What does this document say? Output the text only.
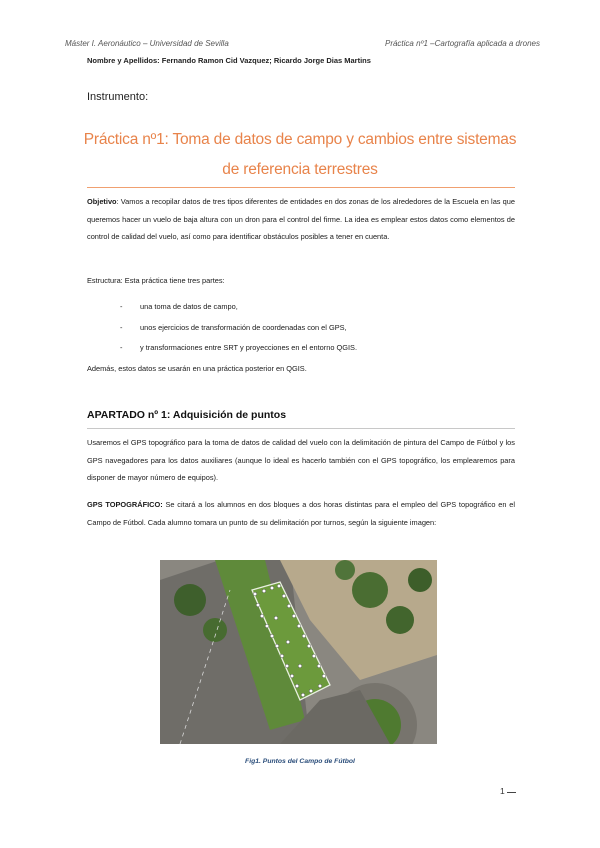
Máster I. Aeronáutico – Universidad de Sevilla	Práctica nº1 –Cartografía aplicada a drones
Nombre y Apellidos: Fernando Ramon Cid Vazquez; Ricardo Jorge Dias Martins
Instrumento:
Práctica nº1: Toma de datos de campo y cambios entre sistemas
de referencia terrestres
Objetivo: Vamos a recopilar datos de tres tipos diferentes de entidades en dos zonas de los alrededores de la Escuela en las que queremos hacer un vuelo de baja altura con un dron para el control del firme. La idea es emplear estos datos como elementos de control de calidad del vuelo, así como para identificar obstáculos posibles a tener en cuenta.
Estructura: Esta práctica tiene tres partes:
- una toma de datos de campo,
- unos ejercicios de transformación de coordenadas con el GPS,
- y transformaciones entre SRT y proyecciones en el entorno QGIS.
Además, estos datos se usarán en una práctica posterior en QGIS.
APARTADO nº 1: Adquisición de puntos
Usaremos el GPS topográfico para la toma de datos de calidad del vuelo con la delimitación de pintura del Campo de Fútbol y los GPS navegadores para los datos auxiliares (aunque lo ideal es hacerlo también con el GPS topográfico, los emplearemos para disponer de mayor número de equipos).
GPS TOPOGRÁFICO: Se citará a los alumnos en dos bloques a dos horas distintas para el empleo del GPS topográfico en el Campo de Fútbol. Cada alumno tomara un punto de su delimitación por turnos, según la siguiente imagen:
Fig1. Puntos del Campo de Fútbol
1
